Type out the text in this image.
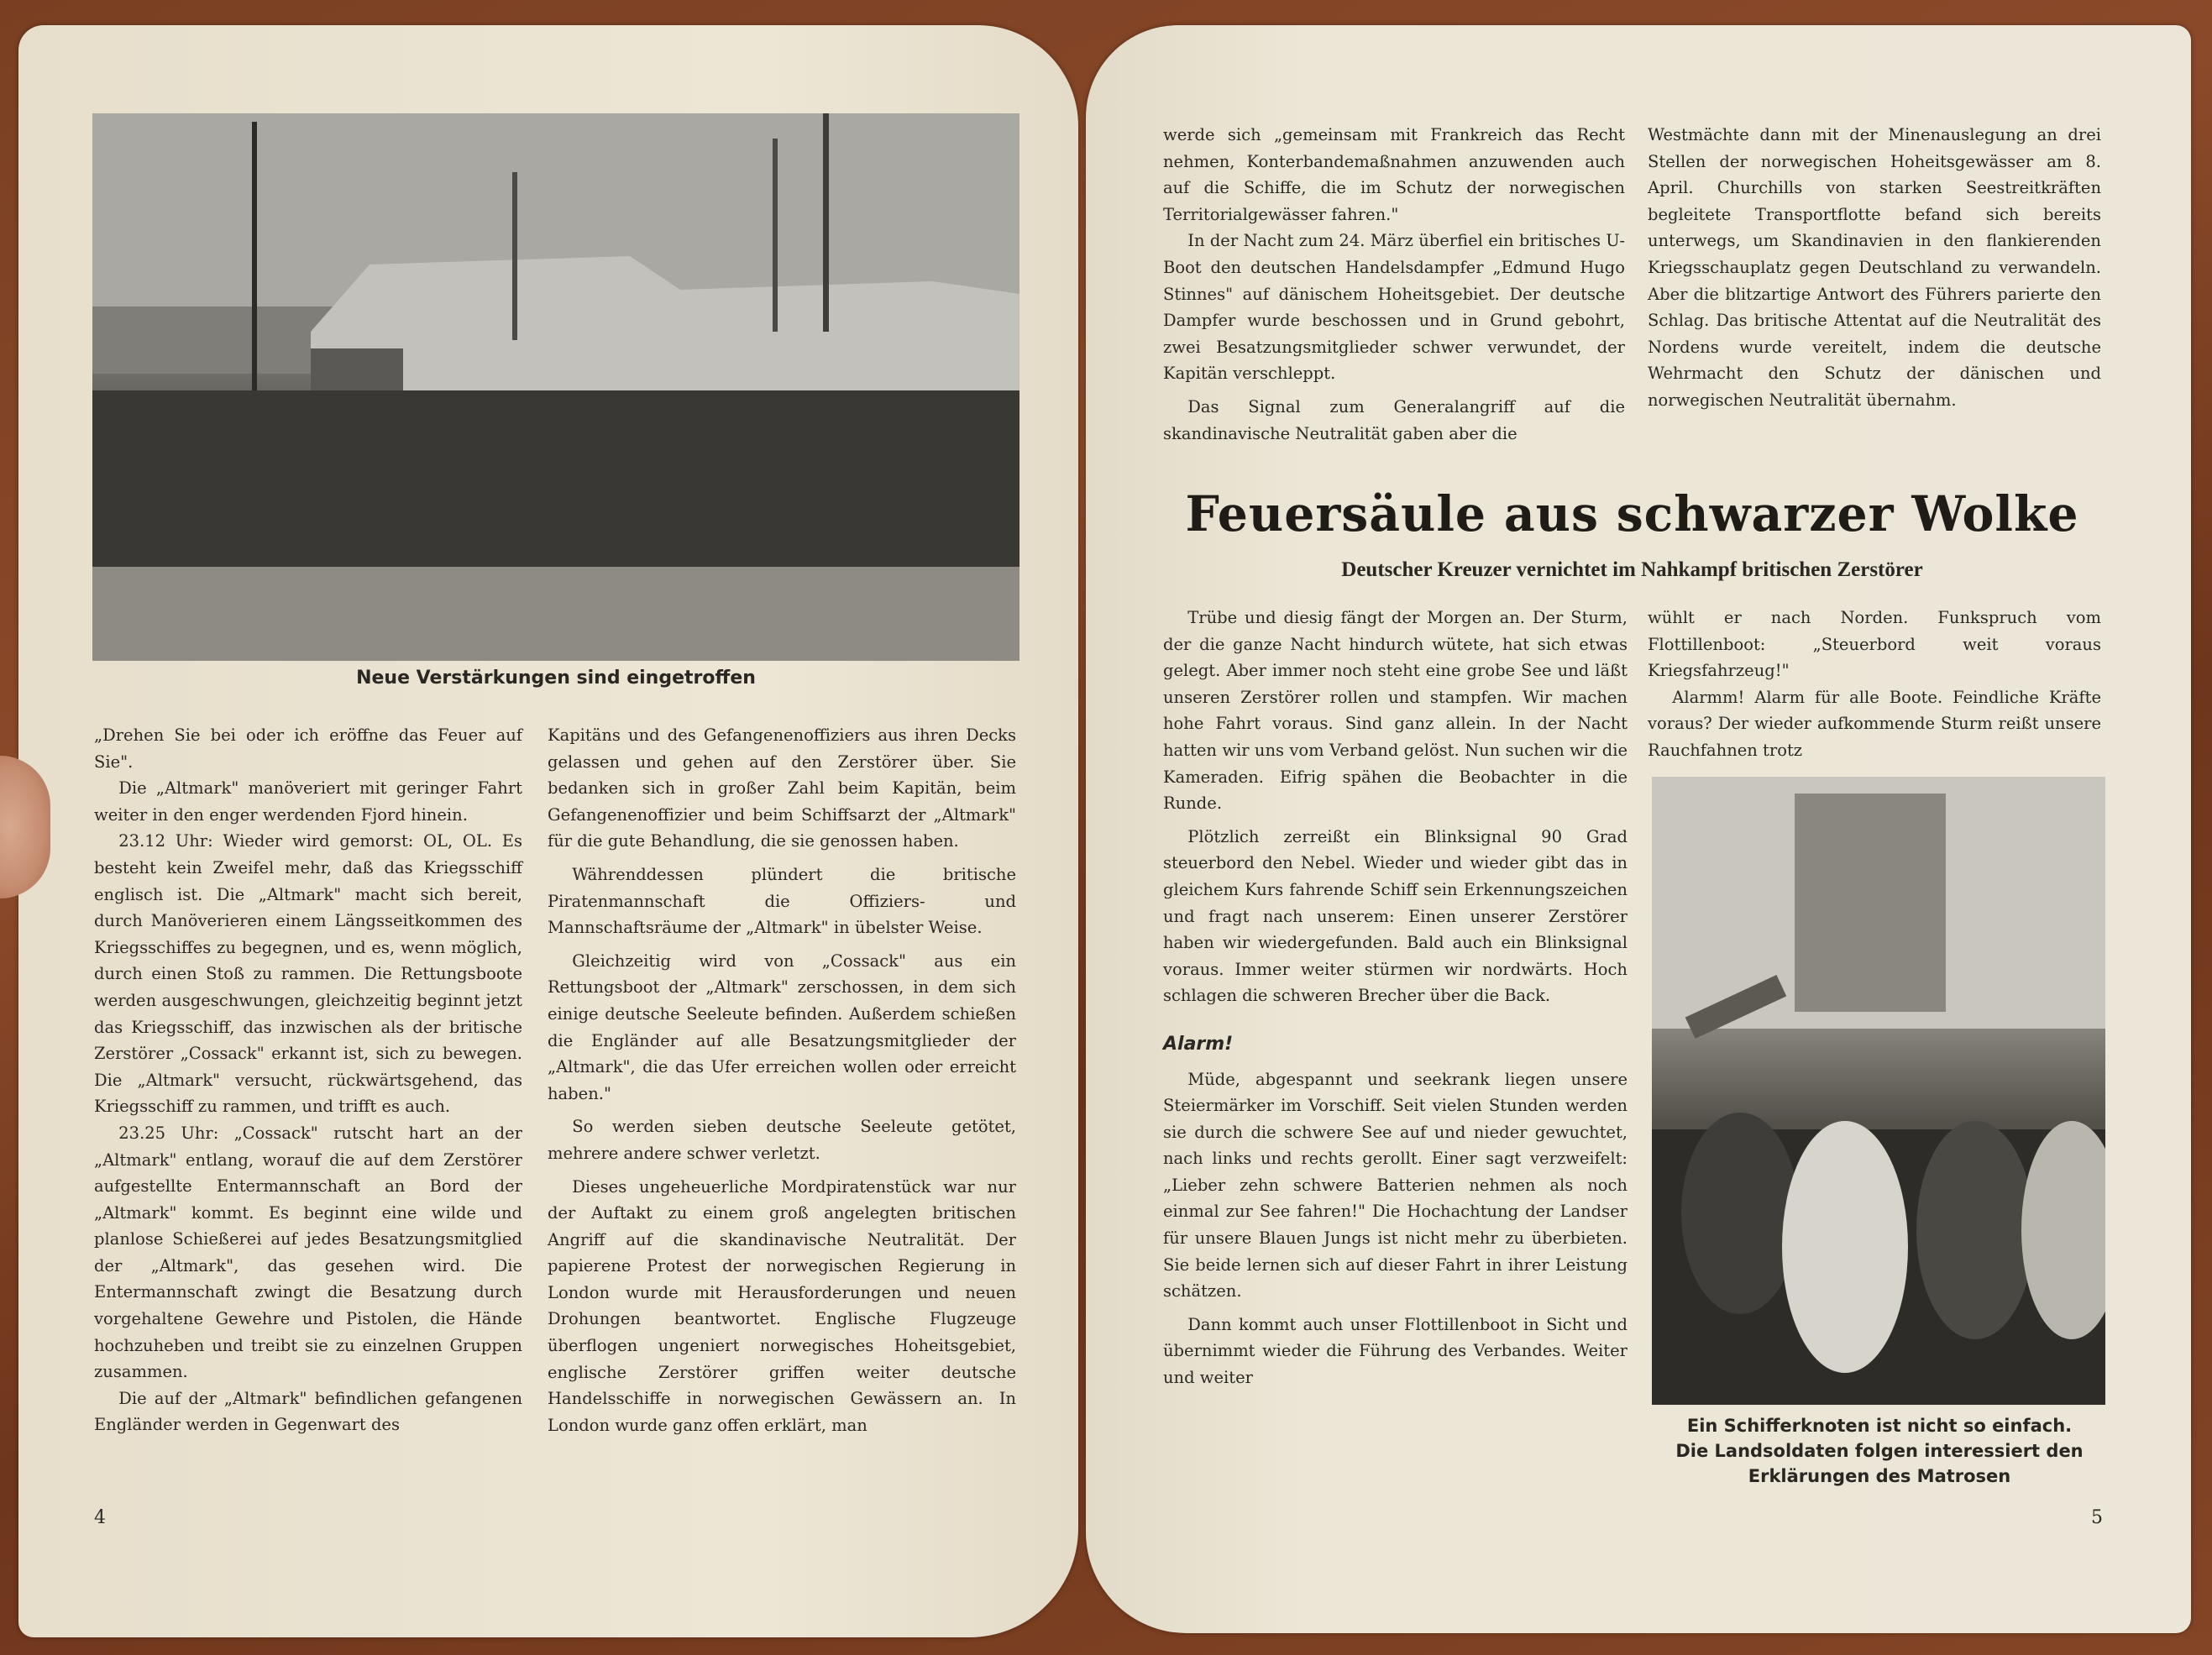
Neue Verstärkungen sind eingetroffen

„Drehen Sie bei oder ich eröffne das Feuer auf Sie".

Die „Altmark" manöveriert mit geringer Fahrt weiter in den enger werdenden Fjord hinein.

23.12 Uhr: Wieder wird gemorst: OL, OL. Es besteht kein Zweifel mehr, daß das Kriegsschiff englisch ist. Die „Altmark" macht sich bereit, durch Manöverieren einem Längsseitkommen des Kriegsschiffes zu begegnen, und es, wenn möglich, durch einen Stoß zu rammen. Die Rettungsboote werden ausgeschwungen, gleichzeitig beginnt jetzt das Kriegsschiff, das inzwischen als der britische Zerstörer „Cossack" erkannt ist, sich zu bewegen. Die „Altmark" versucht, rückwärtsgehend, das Kriegsschiff zu rammen, und trifft es auch.

23.25 Uhr: „Cossack" rutscht hart an der „Altmark" entlang, worauf die auf dem Zerstörer aufgestellte Entermannschaft an Bord der „Altmark" kommt. Es beginnt eine wilde und planlose Schießerei auf jedes Besatzungsmitglied der „Altmark", das gesehen wird. Die Entermannschaft zwingt die Besatzung durch vorgehaltene Gewehre und Pistolen, die Hände hochzuheben und treibt sie zu einzelnen Gruppen zusammen.

Die auf der „Altmark" befindlichen gefangenen Engländer werden in Gegenwart des

Kapitäns und des Gefangenenoffiziers aus ihren Decks gelassen und gehen auf den Zerstörer über. Sie bedanken sich in großer Zahl beim Kapitän, beim Gefangenenoffizier und beim Schiffsarzt der „Altmark" für die gute Behandlung, die sie genossen haben.

Währenddessen plündert die britische Piratenmannschaft die Offiziers- und Mannschaftsräume der „Altmark" in übelster Weise.

Gleichzeitig wird von „Cossack" aus ein Rettungsboot der „Altmark" zerschossen, in dem sich einige deutsche Seeleute befinden. Außerdem schießen die Engländer auf alle Besatzungsmitglieder der „Altmark", die das Ufer erreichen wollen oder erreicht haben."

So werden sieben deutsche Seeleute getötet, mehrere andere schwer verletzt.

Dieses ungeheuerliche Mordpiratenstück war nur der Auftakt zu einem groß angelegten britischen Angriff auf die skandinavische Neutralität. Der papierene Protest der norwegischen Regierung in London wurde mit Herausforderungen und neuen Drohungen beantwortet. Englische Flugzeuge überflogen ungeniert norwegisches Hoheitsgebiet, englische Zerstörer griffen weiter deutsche Handelsschiffe in norwegischen Gewässern an. In London wurde ganz offen erklärt, man

4

werde sich „gemeinsam mit Frankreich das Recht nehmen, Konterbandemaßnahmen anzuwenden auch auf die Schiffe, die im Schutz der norwegischen Territorialgewässer fahren."

In der Nacht zum 24. März überfiel ein britisches U-Boot den deutschen Handelsdampfer „Edmund Hugo Stinnes" auf dänischem Hoheitsgebiet. Der deutsche Dampfer wurde beschossen und in Grund gebohrt, zwei Besatzungsmitglieder schwer verwundet, der Kapitän verschleppt.

Das Signal zum Generalangriff auf die skandinavische Neutralität gaben aber die

Westmächte dann mit der Minenauslegung an drei Stellen der norwegischen Hoheitsgewässer am 8. April. Churchills von starken Seestreitkräften begleitete Transportflotte befand sich bereits unterwegs, um Skandinavien in den flankierenden Kriegsschauplatz gegen Deutschland zu verwandeln. Aber die blitzartige Antwort des Führers parierte den Schlag. Das britische Attentat auf die Neutralität des Nordens wurde vereitelt, indem die deutsche Wehrmacht den Schutz der dänischen und norwegischen Neutralität übernahm.

Feuersäule aus schwarzer Wolke
Deutscher Kreuzer vernichtet im Nahkampf britischen Zerstörer

Trübe und diesig fängt der Morgen an. Der Sturm, der die ganze Nacht hindurch wütete, hat sich etwas gelegt. Aber immer noch steht eine grobe See und läßt unseren Zerstörer rollen und stampfen. Wir machen hohe Fahrt voraus. Sind ganz allein. In der Nacht hatten wir uns vom Verband gelöst. Nun suchen wir die Kameraden. Eifrig spähen die Beobachter in die Runde.

Plötzlich zerreißt ein Blinksignal 90 Grad steuerbord den Nebel. Wieder und wieder gibt das in gleichem Kurs fahrende Schiff sein Erkennungszeichen und fragt nach unserem: Einen unserer Zerstörer haben wir wiedergefunden. Bald auch ein Blinksignal voraus. Immer weiter stürmen wir nordwärts. Hoch schlagen die schweren Brecher über die Back.

Alarm!

Müde, abgespannt und seekrank liegen unsere Steiermärker im Vorschiff. Seit vielen Stunden werden sie durch die schwere See auf und nieder gewuchtet, nach links und rechts gerollt. Einer sagt verzweifelt: „Lieber zehn schwere Batterien nehmen als noch einmal zur See fahren!" Die Hochachtung der Landser für unsere Blauen Jungs ist nicht mehr zu überbieten. Sie beide lernen sich auf dieser Fahrt in ihrer Leistung schätzen.

Dann kommt auch unser Flottillenboot in Sicht und übernimmt wieder die Führung des Verbandes. Weiter und weiter

wühlt er nach Norden. Funkspruch vom Flottillenboot: „Steuerbord weit voraus Kriegsfahrzeug!"

Alarmm! Alarm für alle Boote. Feindliche Kräfte voraus? Der wieder aufkommende Sturm reißt unsere Rauchfahnen trotz

Ein Schifferknoten ist nicht so einfach.
Die Landsoldaten folgen interessiert den
Erklärungen des Matrosen
5
